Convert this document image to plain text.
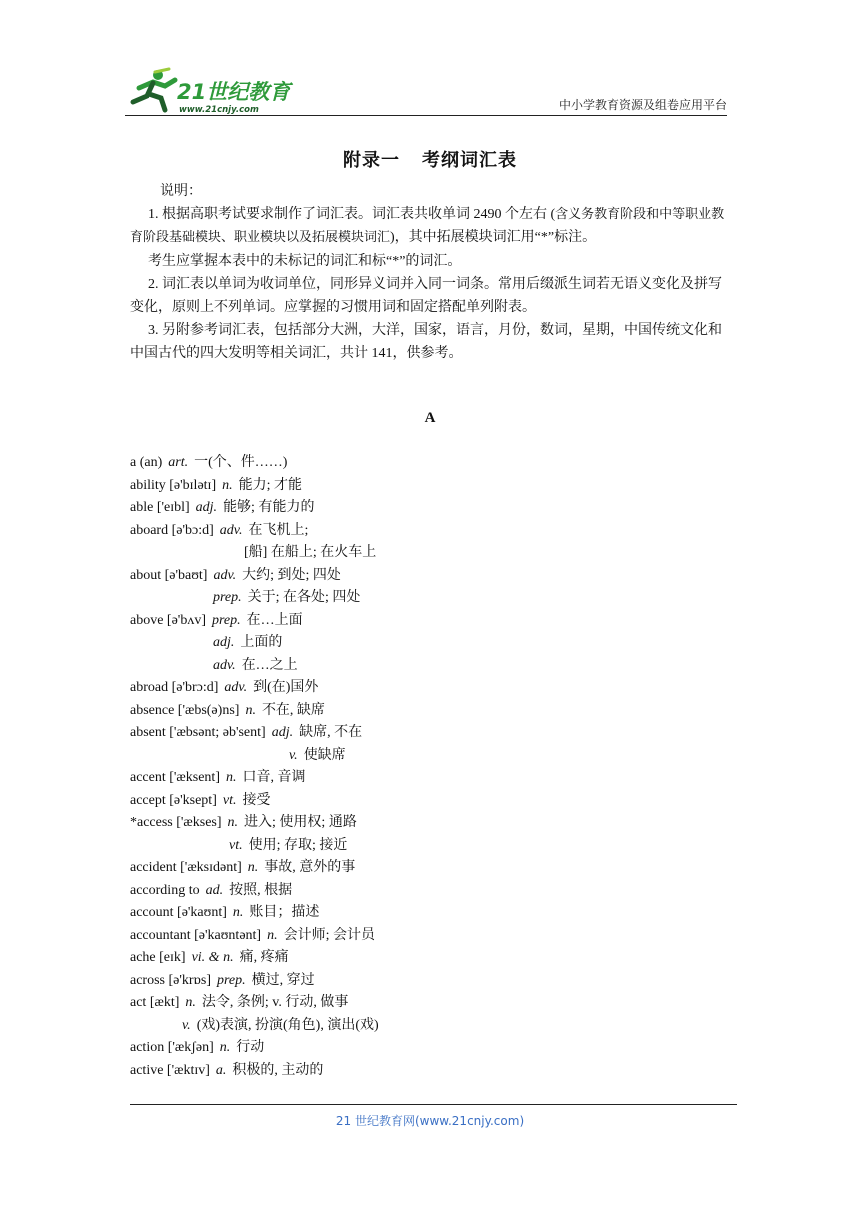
21世纪教育
www.21cnjy.com	中小学教育资源及组卷应用平台
附录一 考纲词汇表

说明：

1. 根据高职考试要求制作了词汇表。词汇表共收单词 2490 个左右 (含义务教育阶段和中等职业教育阶段基础模块、职业模块以及拓展模块词汇)，其中拓展模块词汇用“*”标注。

考生应掌握本表中的未标记的词汇和标“*”的词汇。

2. 词汇表以单词为收词单位，同形异义词并入同一词条。常用后缀派生词若无语义变化及拼写变化，原则上不列单词。应掌握的习惯用词和固定搭配单列附表。

3. 另附参考词汇表，包括部分大洲，大洋，国家，语言，月份，数词，星期，中国传统文化和中国古代的四大发明等相关词汇，共计 141，供参考。

A
a (an) art. 一(个、件……)
ability [ə'bɪlətɪ] n. 能力; 才能
able ['eɪbl] adj. 能够; 有能力的
aboard [ə'bɔ:d] adv. 在飞机上;
[船] 在船上; 在火车上
about [ə'baʊt] adv. 大约; 到处; 四处
prep. 关于; 在各处; 四处
above [ə'bʌv] prep. 在…上面
adj. 上面的
adv. 在…之上
abroad [ə'brɔ:d] adv. 到(在)国外
absence ['æbs(ə)ns] n. 不在, 缺席
absent ['æbsənt; əb'sent] adj. 缺席, 不在
v. 使缺席
accent ['æksent] n. 口音, 音调
accept [ə'ksept] vt. 接受
*access ['ækses] n. 进入; 使用权; 通路
vt. 使用; 存取; 接近
accident ['æksɪdənt] n. 事故, 意外的事
according to ad. 按照, 根据
account [ə'kaʊnt] n. 账目；描述
accountant [ə'kaʊntənt] n. 会计师; 会计员
ache [eɪk] vi. & n. 痛, 疼痛
across [ə'krɒs] prep. 横过, 穿过
act [ækt] n. 法令, 条例; v. 行动, 做事
v. (戏)表演, 扮演(角色), 演出(戏)
action ['ækʃən] n. 行动
active ['æktɪv] a. 积极的, 主动的
21 世纪教育网(www.21cnjy.com)
